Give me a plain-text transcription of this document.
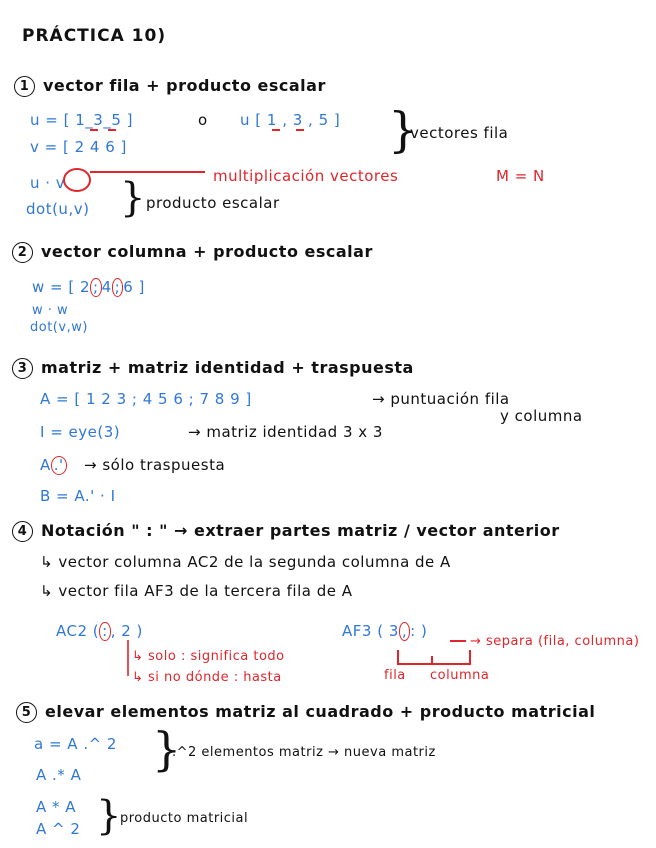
PRÁCTICA 10)
1 vector fila + producto escalar
u = [ 1_3_5 ]	o u [ 1 , 3 , 5 ]
v = [ 2 4 6 ]	}
vectores fila
u · v	multiplicación vectores	M = N
dot(u,v) } producto escalar
2 vector columna + producto escalar
w = [ 2 ; 4 ; 6 ]
w · w
dot(v,w)
3 matriz + matriz identidad + traspuesta
A = [ 1 2 3 ; 4 5 6 ; 7 8 9 ]	→ puntuación fila
y columna
I = eye(3)	→ matriz identidad 3 x 3
A .' → sólo traspuesta
B = A.' · I
4 Notación " : " → extraer partes matriz / vector anterior
↳ vector columna AC2 de la segunda columna de A
↳ vector fila AF3 de la tercera fila de A
AC2 ( : , 2 )
↳ solo : significa todo
↳ si no dónde : hasta
AF3 ( 3 , : )
→ separa (fila, columna)
fila columna
5 elevar elementos matriz al cuadrado + producto matricial
a = A .^ 2
A .* A }
.^2 elementos matriz → nueva matriz
A * A
A ^ 2 }
producto matricial
